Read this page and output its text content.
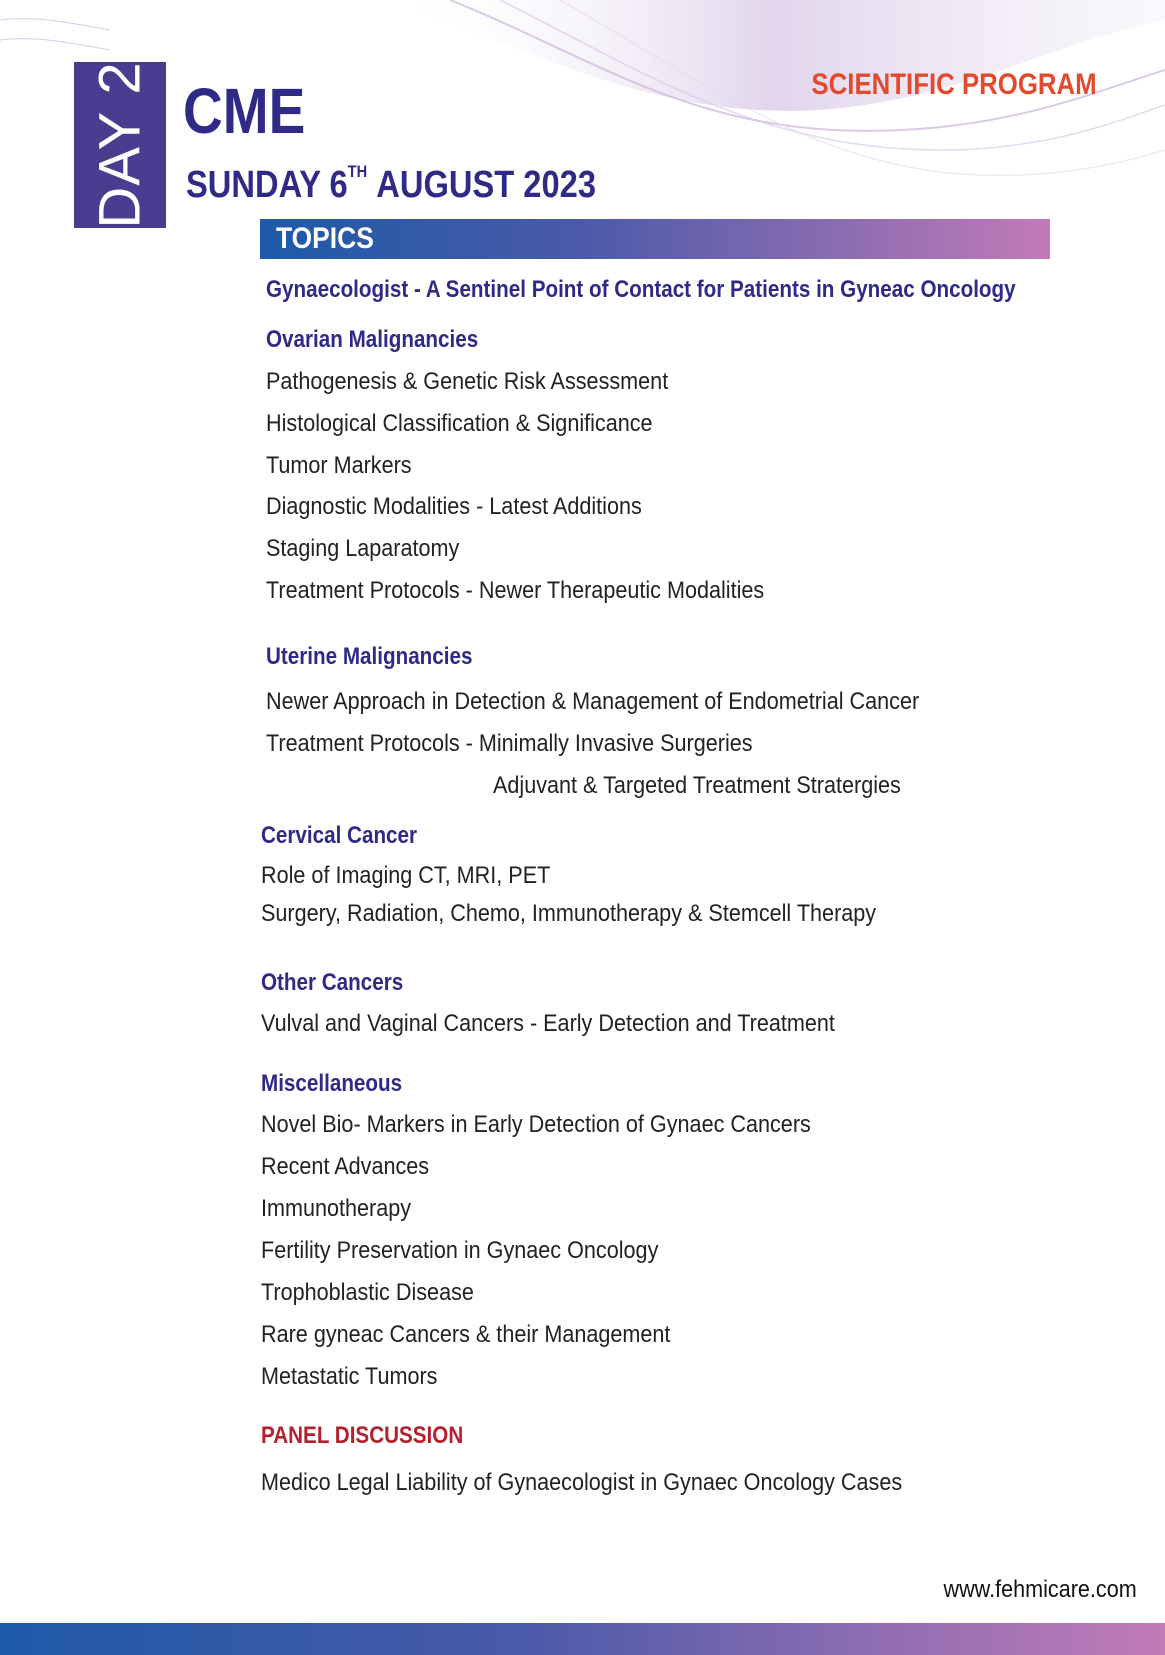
DAY 2 CME
SUNDAY 6TH AUGUST 2023
SCIENTIFIC PROGRAM
TOPICS
Gynaecologist - A Sentinel Point of Contact for Patients in Gyneac Oncology
Ovarian Malignancies
Pathogenesis & Genetic Risk Assessment
Histological Classification & Significance
Tumor Markers
Diagnostic Modalities - Latest Additions
Staging Laparatomy
Treatment Protocols - Newer Therapeutic Modalities
Uterine Malignancies
Newer Approach in Detection & Management of Endometrial Cancer
Treatment Protocols - Minimally Invasive Surgeries
Adjuvant & Targeted Treatment Stratergies
Cervical Cancer
Role of Imaging CT, MRI, PET
Surgery, Radiation, Chemo, Immunotherapy & Stemcell Therapy
Other Cancers
Vulval and Vaginal Cancers - Early Detection and Treatment
Miscellaneous
Novel Bio- Markers in Early Detection of Gynaec Cancers
Recent Advances
Immunotherapy
Fertility Preservation in Gynaec Oncology
Trophoblastic Disease
Rare gyneac Cancers & their Management
Metastatic Tumors
PANEL DISCUSSION
Medico Legal Liability of Gynaecologist in Gynaec Oncology Cases
www.fehmicare.com
